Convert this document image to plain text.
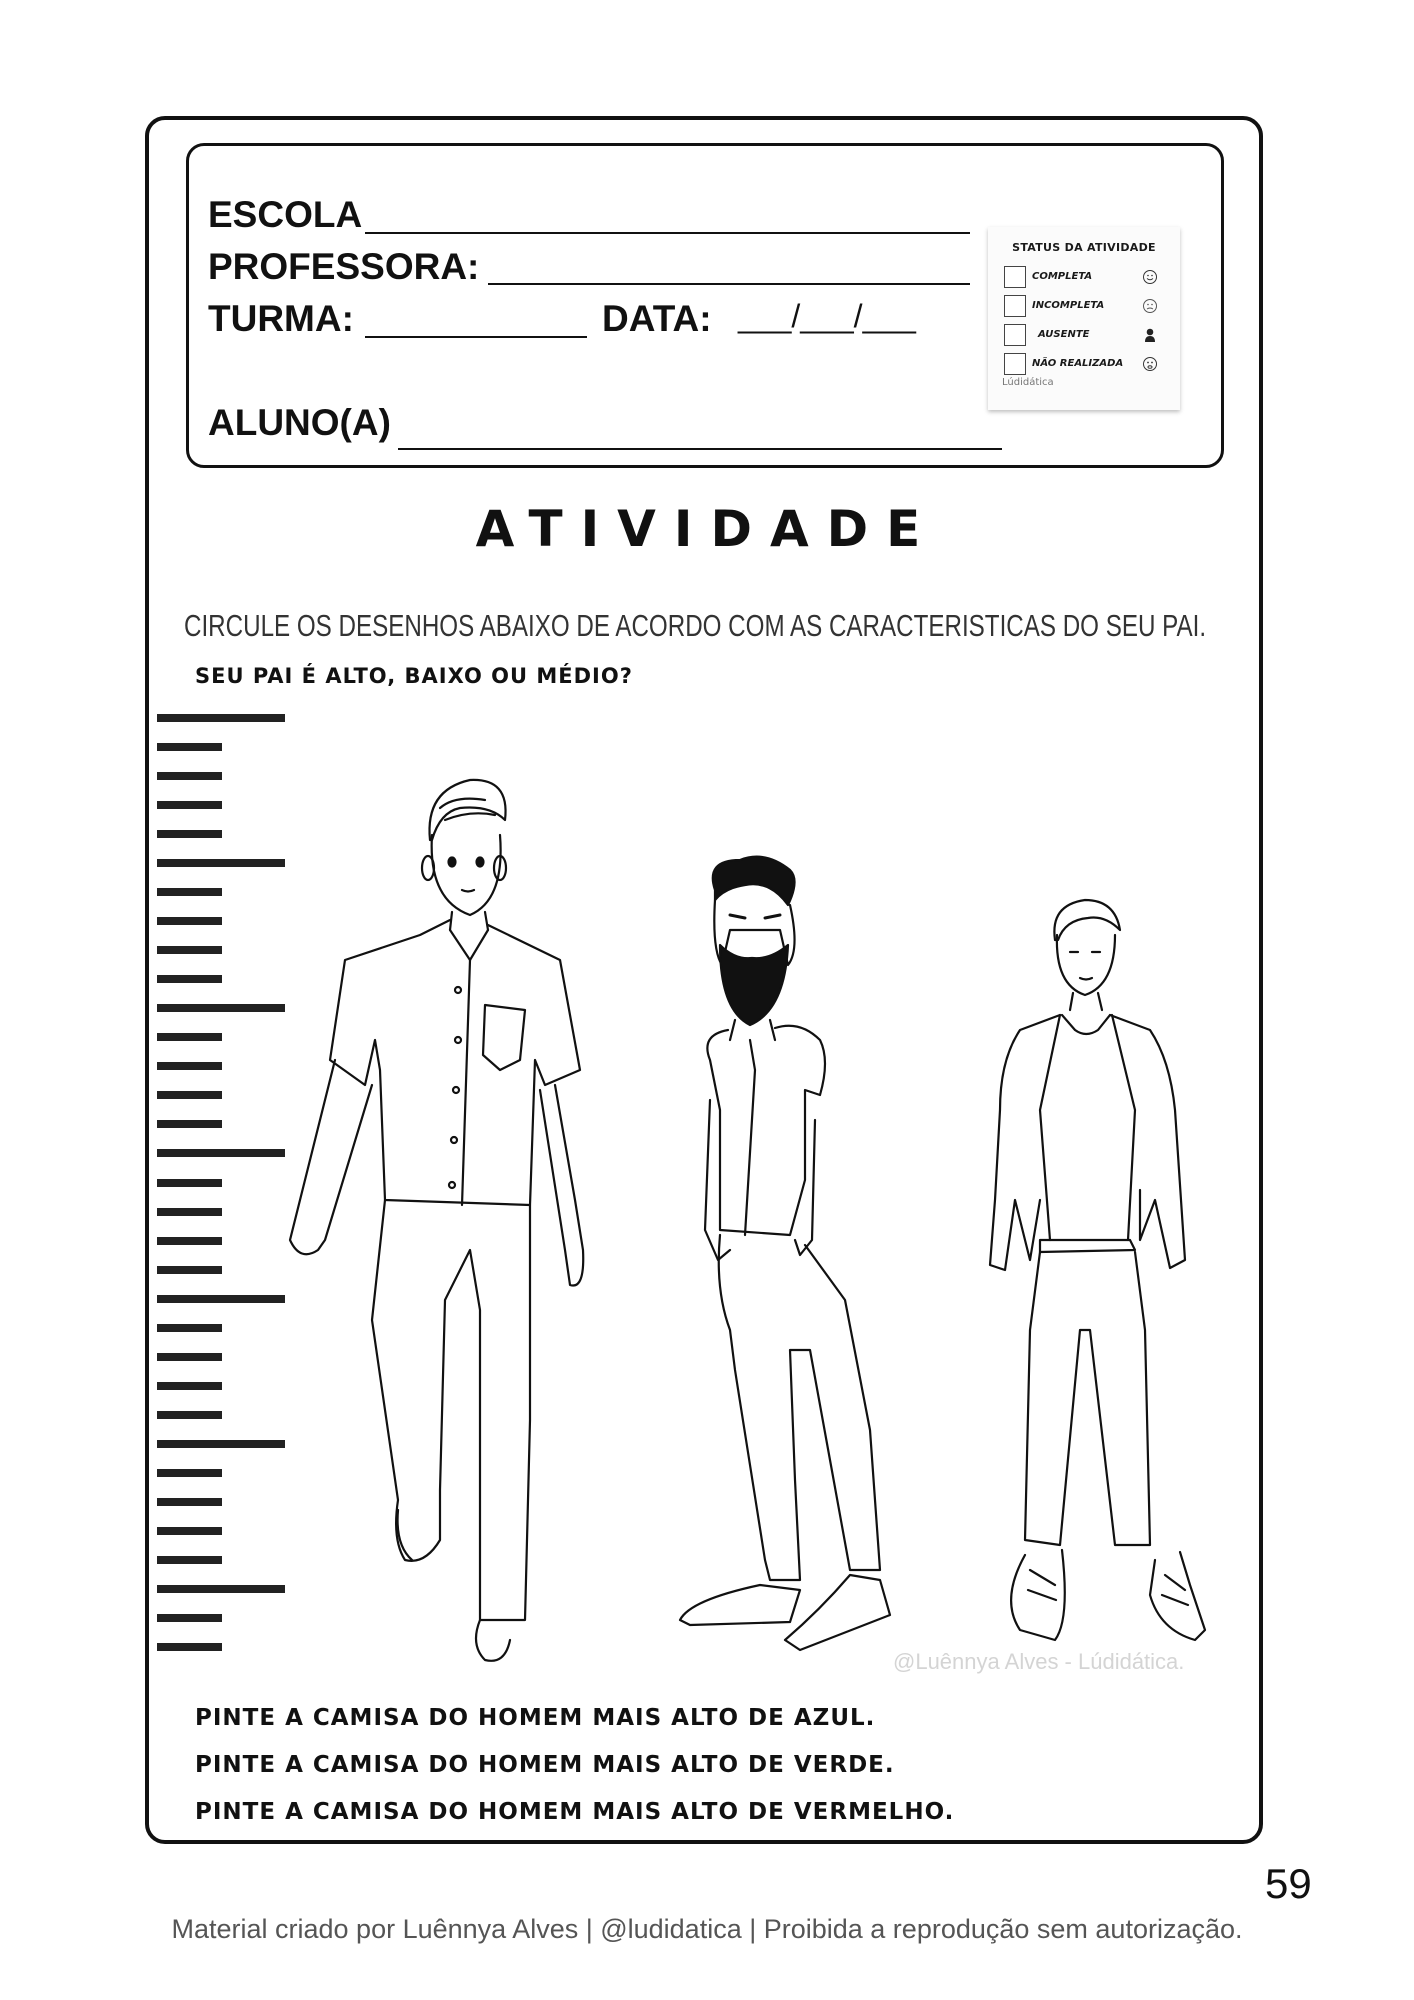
ESCOLA
PROFESSORA:
TURMA:	DATA: ___/___/___
ALUNO(A)
STATUS DA ATIVIDADE
COMPLETA
INCOMPLETA
AUSENTE
NÃO REALIZADA
Lúdidática
ATIVIDADE
CIRCULE OS DESENHOS ABAIXO DE ACORDO COM AS CARACTERISTICAS DO SEU PAI.
SEU PAI É ALTO, BAIXO OU MÉDIO?
@Luênnya Alves - Lúdidática.
PINTE A CAMISA DO HOMEM MAIS ALTO DE AZUL.
PINTE A CAMISA DO HOMEM MAIS ALTO DE VERDE.
PINTE A CAMISA DO HOMEM MAIS ALTO DE VERMELHO.
59
Material criado por Luênnya Alves | @ludidatica | Proibida a reprodução sem autorização.
